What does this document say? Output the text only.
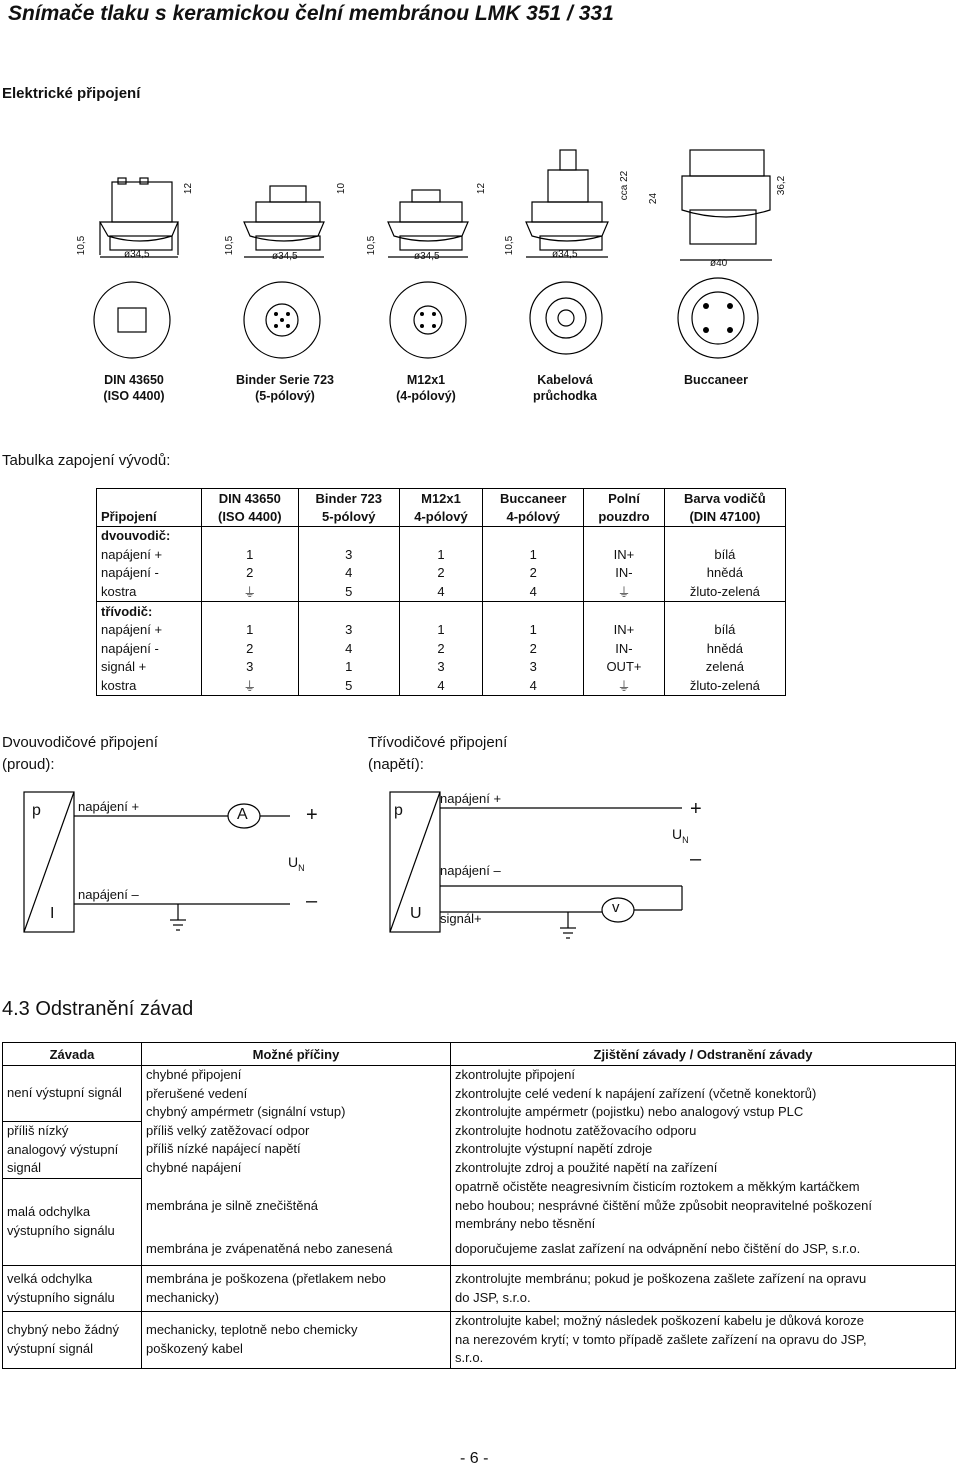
Snímače tlaku s keramickou čelní membránou LMK 351 / 331
Elektrické připojení
12	10	12	cca 22 24
36,2
10,5	10,5	10,5	10,5
ø34,5	ø34,5	ø34,5	ø34,5
ø40
DIN 43650
(ISO 4400)
Binder Serie 723
(5-pólový)
M12x1
(4-pólový)
Kabelová
průchodka
Buccaneer
Tabulka zapojení vývodů:
	DIN 43650	Binder 723	M12x1	Buccaneer	Polní	Barva vodičů
Připojení	(ISO 4400)	5-pólový	4-pólový	4-pólový	pouzdro	(DIN 47100)
dvouvodič:						
napájení +	1	3	1	1	IN+	bílá
napájení -	2	4	2	2	IN-	hnědá
kostra	⏚	5	4	4	⏚	žluto-zelená
třívodič:						
napájení +	1	3	1	1	IN+	bílá
napájení -	2	4	2	2	IN-	hnědá
signál +	3	1	3	3	OUT+	zelená
kostra	⏚	5	4	4	⏚	žluto-zelená
Dvouvodičové připojení
(proud):
Třívodičové připojení
(napětí):
p
I
napájení +
napájení –
A	+
–
$U_N$
p
U
napájení +
napájení –
signál+
v
+
–
$U_N$
4.3 Odstranění závad
Závada	Možné příčiny	Zjištění závady / Odstranění závady
není výstupní signál	chybné připojení	zkontrolujte připojení
	přerušené vedení	zkontrolujte celé vedení k napájení zařízení (včetně konektorů)
	chybný ampérmetr (signální vstup)	zkontrolujte ampérmetr (pojistku) nebo analogový vstup PLC
příliš nízký
analogový výstupní
signál	příliš velký zatěžovací odpor	zkontrolujte hodnotu zatěžovacího odporu
	příliš nízké napájecí napětí	zkontrolujte výstupní napětí zdroje
	chybné napájení	zkontrolujte zdroj a použité napětí na zařízení
malá odchylka
výstupního signálu	membrána je silně znečištěná	opatrně očistěte neagresivním čisticím roztokem a měkkým kartáčkem
nebo houbou; nesprávné čištění může způsobit neopravitelné poškození
membrány nebo těsnění
	membrána je zvápenatěná nebo zanesená	doporučujeme zaslat zařízení na odvápnění nebo čištění do JSP, s.r.o.
velká odchylka
výstupního signálu	membrána je poškozena (přetlakem nebo
mechanicky)	zkontrolujte membránu; pokud je poškozena zašlete zařízení na opravu
do JSP, s.r.o.
chybný nebo žádný
výstupní signál	mechanicky, teplotně nebo chemicky
poškozený kabel	zkontrolujte kabel; možný následek poškození kabelu je důková koroze
na nerezovém krytí; v tomto případě zašlete zařízení na opravu do JSP,
s.r.o.
- 6 -
